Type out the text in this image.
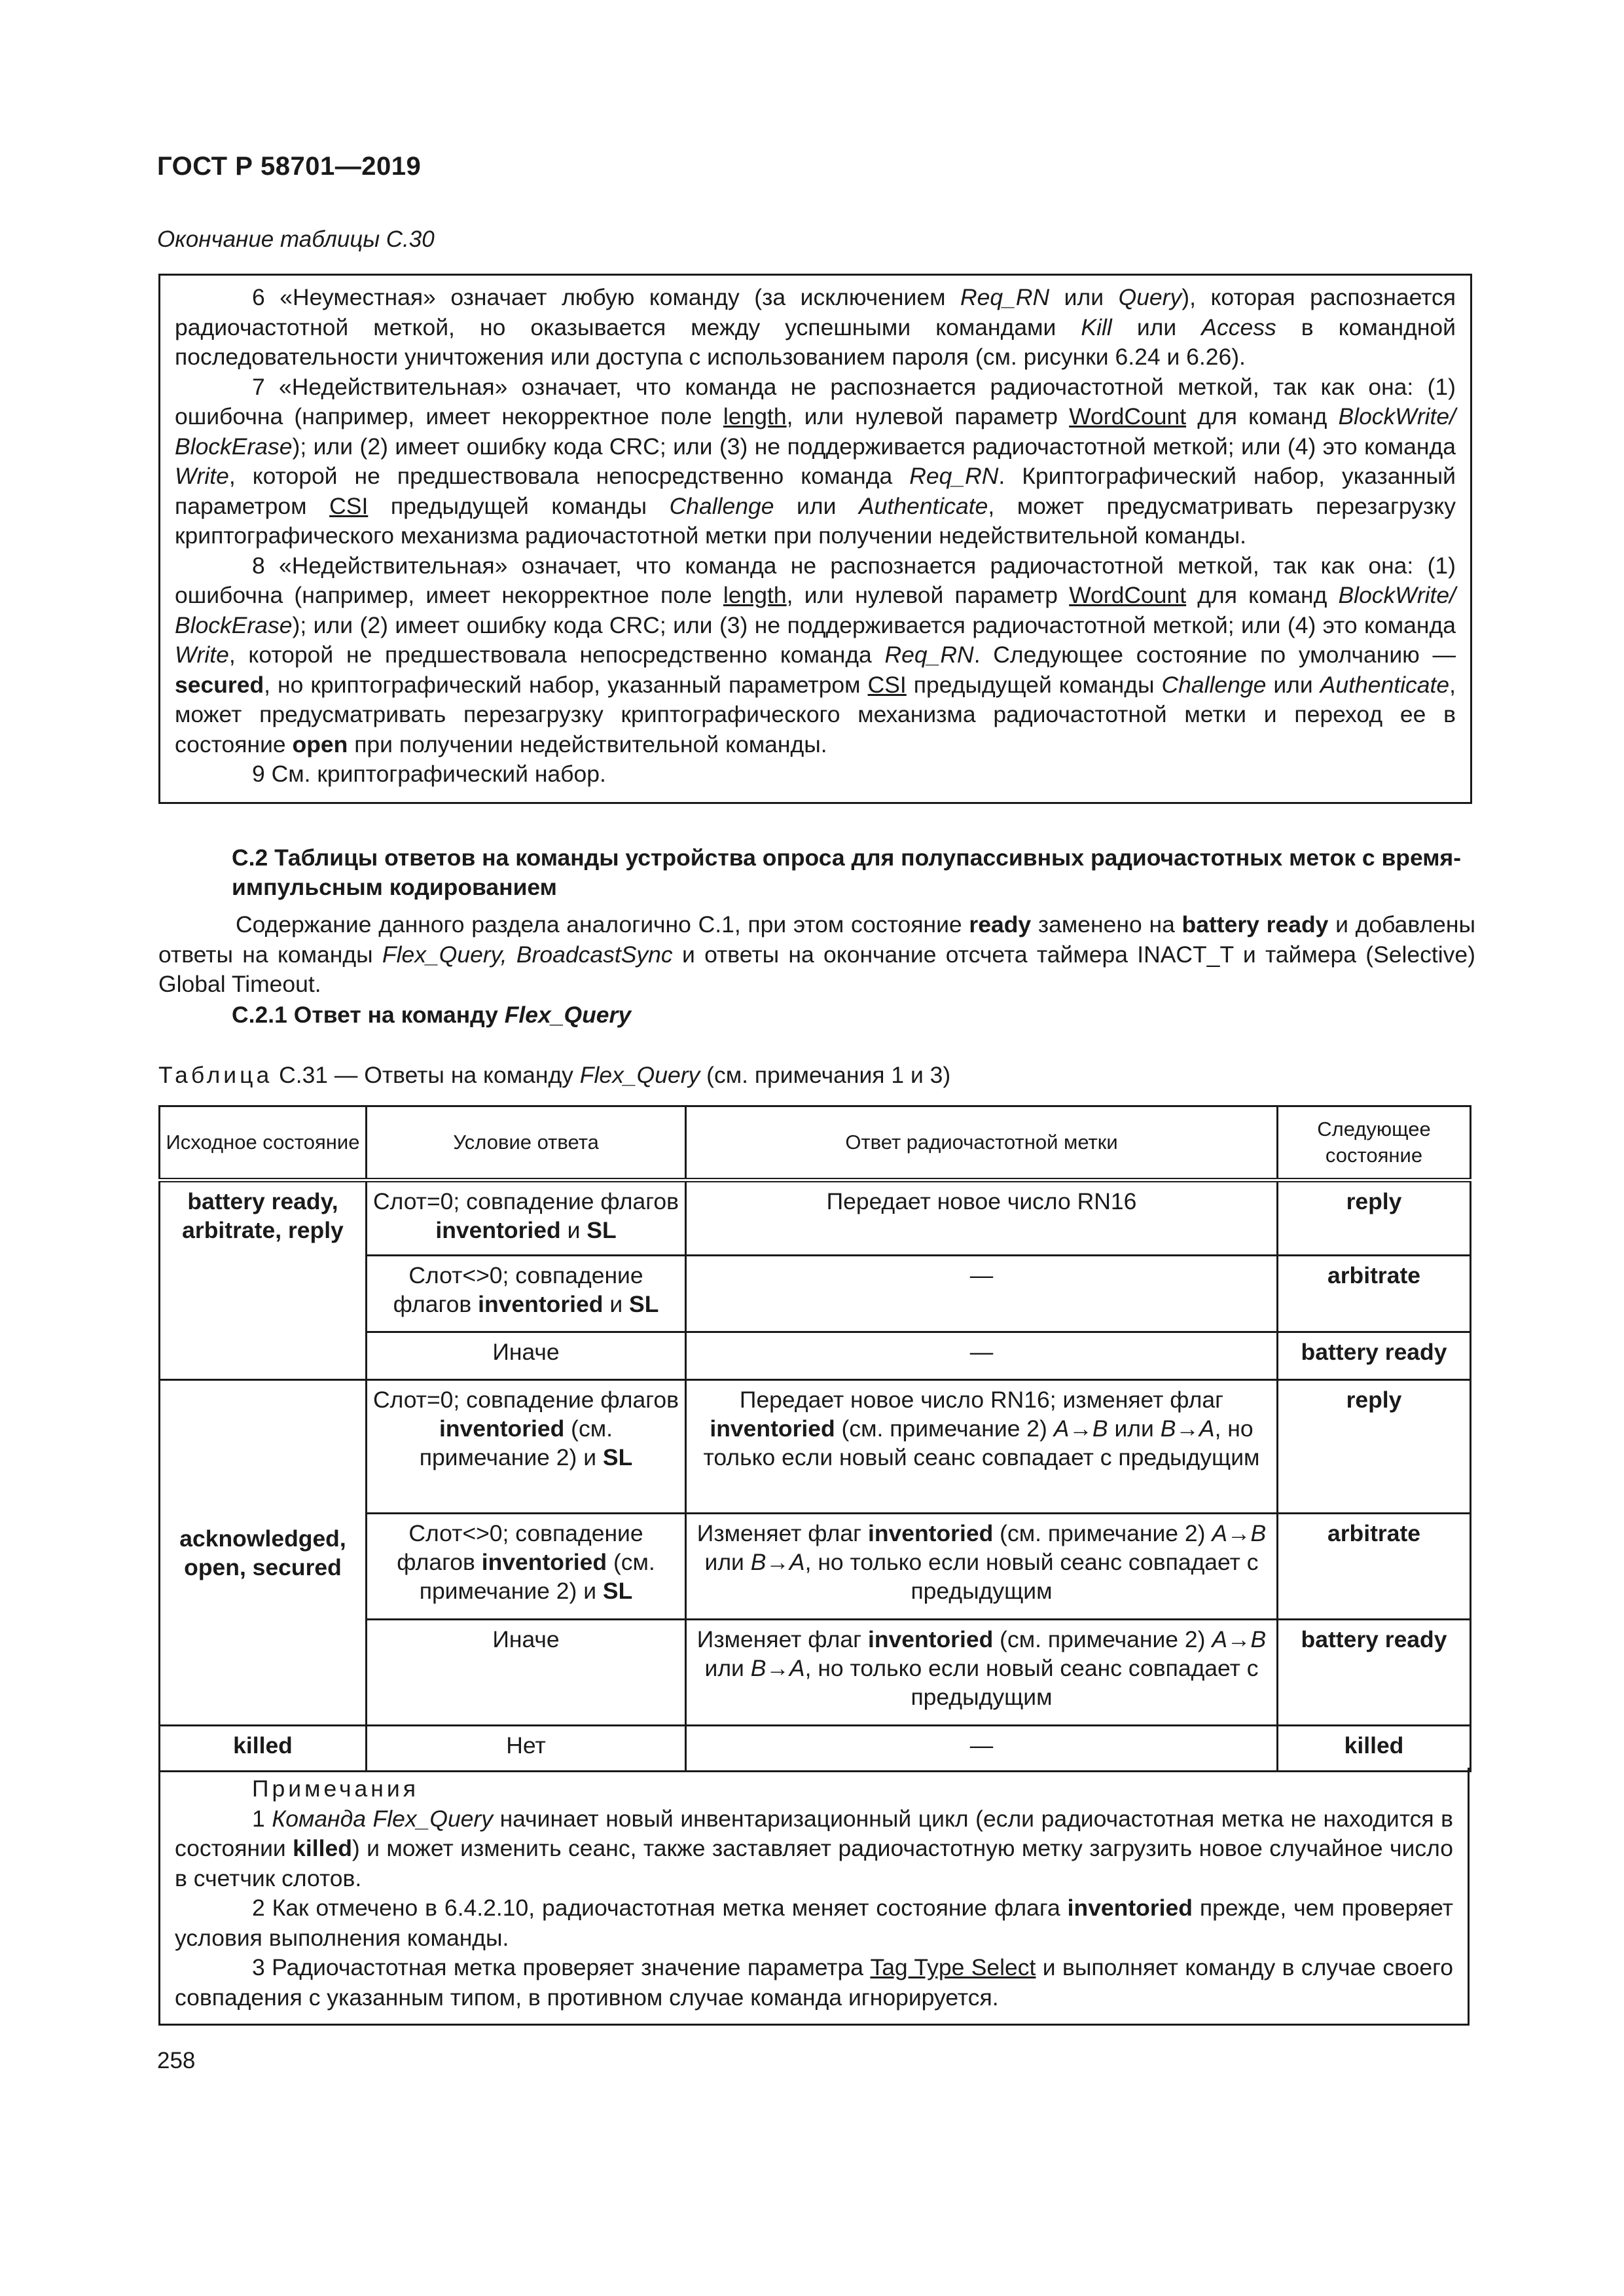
ГОСТ Р 58701—2019
Окончание таблицы С.30

6 «Неуместная» означает любую команду (за исключением Req_RN или Query), которая распознается радиочастотной меткой, но оказывается между успешными командами Kill или Access в командной последовательности уничтожения или доступа с использованием пароля (см. рисунки 6.24 и 6.26).

7 «Недействительная» означает, что команда не распознается радиочастотной меткой, так как она: (1) ошибочна (например, имеет некорректное поле length, или нулевой параметр WordCount для команд BlockWrite/ BlockErase); или (2) имеет ошибку кода CRC; или (3) не поддерживается радиочастотной меткой; или (4) это команда Write, которой не предшествовала непосредственно команда Req_RN. Криптографический набор, указанный параметром CSI предыдущей команды Challenge или Authenticate, может предусматривать перезагрузку криптографического механизма радиочастотной метки при получении недействительной команды.

8 «Недействительная» означает, что команда не распознается радиочастотной меткой, так как она: (1) ошибочна (например, имеет некорректное поле length, или нулевой параметр WordCount для команд BlockWrite/ BlockErase); или (2) имеет ошибку кода CRC; или (3) не поддерживается радиочастотной меткой; или (4) это команда Write, которой не предшествовала непосредственно команда Req_RN. Следующее состояние по умолчанию — secured, но криптографический набор, указанный параметром CSI предыдущей команды Challenge или Authenticate, может предусматривать перезагрузку криптографического механизма радиочастотной метки и переход ее в состояние open при получении недействительной команды.

9 См. криптографический набор.

С.2 Таблицы ответов на команды устройства опроса для полупассивных радиочастотных меток с время-импульсным кодированием

Содержание данного раздела аналогично С.1, при этом состояние ready заменено на battery ready и добавлены ответы на команды Flex_Query, BroadcastSync и ответы на окончание отсчета таймера INACT_T и таймера (Selective) Global Timeout.

С.2.1 Ответ на команду Flex_Query
Таблица С.31 — Ответы на команду Flex_Query (см. примечания 1 и 3)
Исходное состояние	Условие ответа	Ответ радиочастотной метки	Следующее состояние
battery ready, arbitrate, reply	Слот=0; совпадение флагов inventoried и SL	Передает новое число RN16	reply
	Слот<>0; совпадение флагов inventoried и SL	—	arbitrate
	Иначе	—	battery ready
acknowledged, open, secured	Слот=0; совпадение флагов inventoried (см. примечание 2) и SL	Передает новое число RN16; изменяет флаг inventoried (см. примечание 2) A→B или B→A, но только если новый сеанс совпадает с предыдущим	reply
	Слот<>0; совпадение флагов inventoried (см. примечание 2) и SL	Изменяет флаг inventoried (см. примечание 2) A→B или B→A, но только если новый сеанс совпадает с предыдущим	arbitrate
	Иначе	Изменяет флаг inventoried (см. примечание 2) A→B или B→A, но только если новый сеанс совпадает с предыдущим	battery ready
killed	Нет	—	killed

Примечания

1 Команда Flex_Query начинает новый инвентаризационный цикл (если радиочастотная метка не находится в состоянии killed) и может изменить сеанс, также заставляет радиочастотную метку загрузить новое случайное число в счетчик слотов.

2 Как отмечено в 6.4.2.10, радиочастотная метка меняет состояние флага inventoried прежде, чем проверяет условия выполнения команды.

3 Радиочастотная метка проверяет значение параметра Tag Type Select и выполняет команду в случае своего совпадения с указанным типом, в противном случае команда игнорируется.

258
